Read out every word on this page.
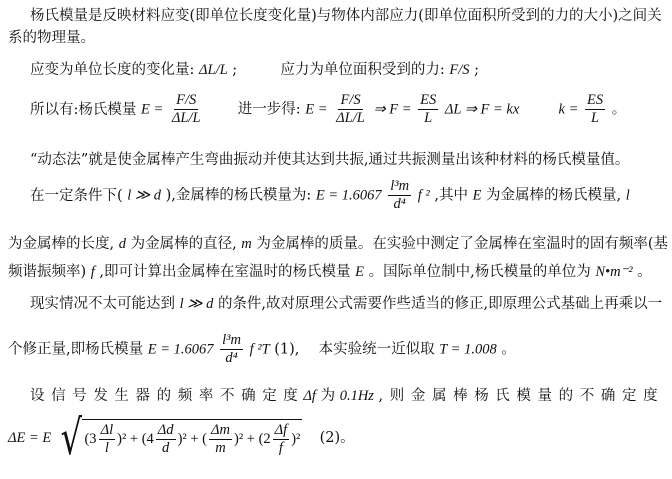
杨氏模量是反映材料应变(即单位长度变化量)与物体内部应力(即单位面积所受到的力的大小)之间关
系的物理量。
应变为单位长度的变化量: ΔL/L ;	应力为单位面积受到的力: F/S ;
所以有:杨氏模量 $E = \frac{F/S}{\Delta L/L}$ 进一步得: $E = \frac{F/S}{\Delta L/L}$ ⇒ $F = \frac{ES}{L}$ ΔL ⇒ F = kx	$k = \frac{ES}{L}$ 。
“动态法”就是使金属棒产生弯曲振动并使其达到共振,通过共振测量出该种材料的杨氏模量值。
在一定条件下( l ≫ d ),金属棒的杨氏模量为: $E = 1.6067 \frac{\text{l³m}}{\text{d⁴}}$ f ² ,其中 E 为金属棒的杨氏模量, l
为金属棒的长度, d 为金属棒的直径, m 为金属棒的质量。在实验中测定了金属棒在室温时的固有频率(基
频谐振频率) f ,即可计算出金属棒在室温时的杨氏模量 E 。国际单位制中,杨氏模量的单位为 N•m⁻² 。
现实情况不太可能达到 l ≫ d 的条件,故对原理公式需要作些适当的修正,即原理公式基础上再乘以一
个修正量,即杨氏模量 $E = 1.6067 \frac{\text{l³m}}{\text{d⁴}}$ f ²T (1), 本实验统一近似取 T = 1.008 。
设 信 号 发 生 器 的 频 率 不 确 定 度 Δf 为 0.1Hz , 则 金 属 棒 杨 氏 模 量 的 不 确 定 度
ΔE = E √ $(3 \frac{\Delta l}{l} )^2 + (4 \frac{\Delta d}{d} )^2$ + ( $\frac{\Delta m}{m} )^2 + (2 \frac{\Delta f}{f} )^2$ (2)。
